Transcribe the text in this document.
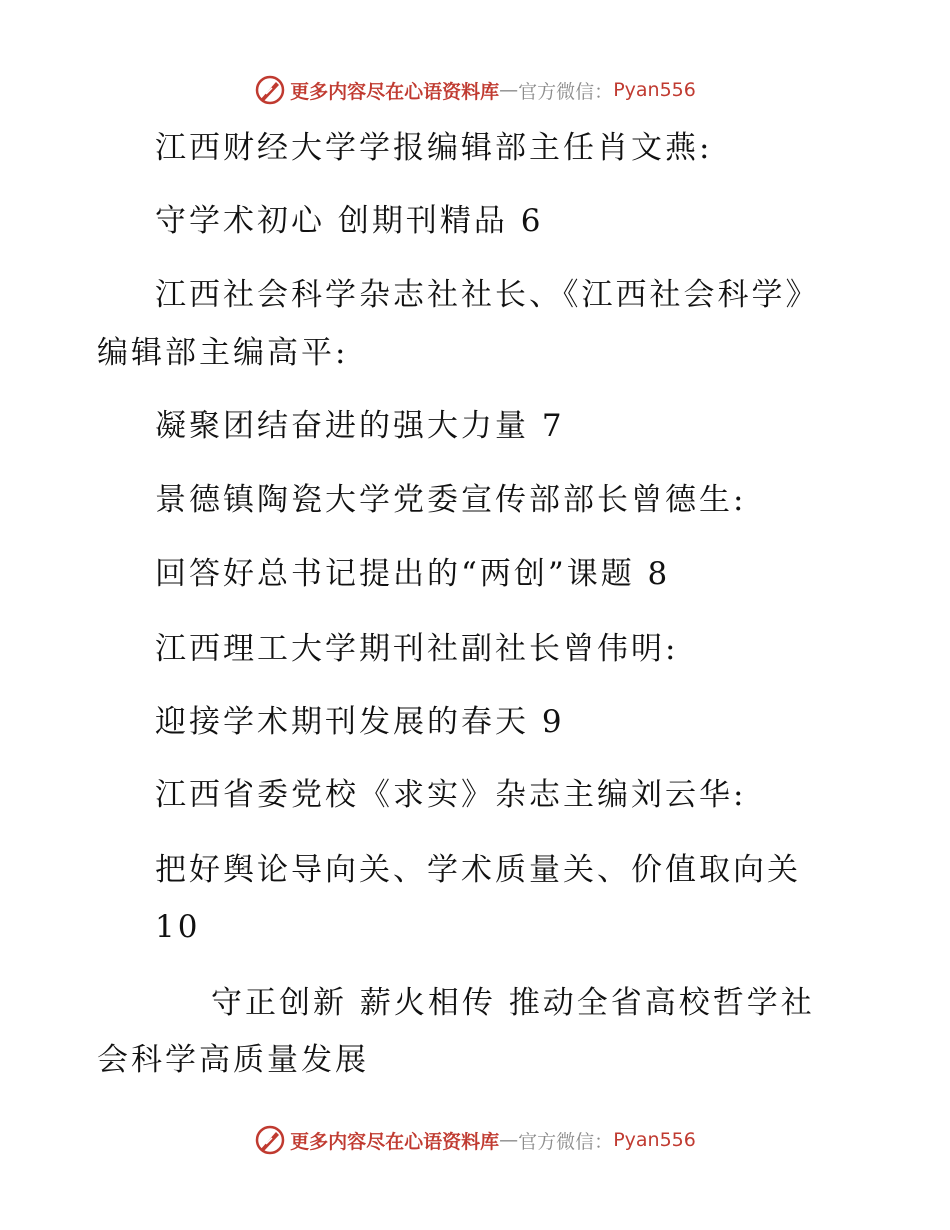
更多内容尽在心语资料库 — 官方微信： Pyan556
江西财经大学学报编辑部主任肖文燕:
守学术初心 创期刊精品 6
江西社会科学杂志社社长、《江西社会科学》
编辑部主编高平:
凝聚团结奋进的强大力量 7
景德镇陶瓷大学党委宣传部部长曾德生:
回答好总书记提出的“两创”课题 8
江西理工大学期刊社副社长曾伟明:
迎接学术期刊发展的春天 9
江西省委党校《求实》杂志主编刘云华:
把好舆论导向关、学术质量关、价值取向关
10
守正创新 薪火相传 推动全省高校哲学社
会科学高质量发展
更多内容尽在心语资料库 — 官方微信： Pyan556
